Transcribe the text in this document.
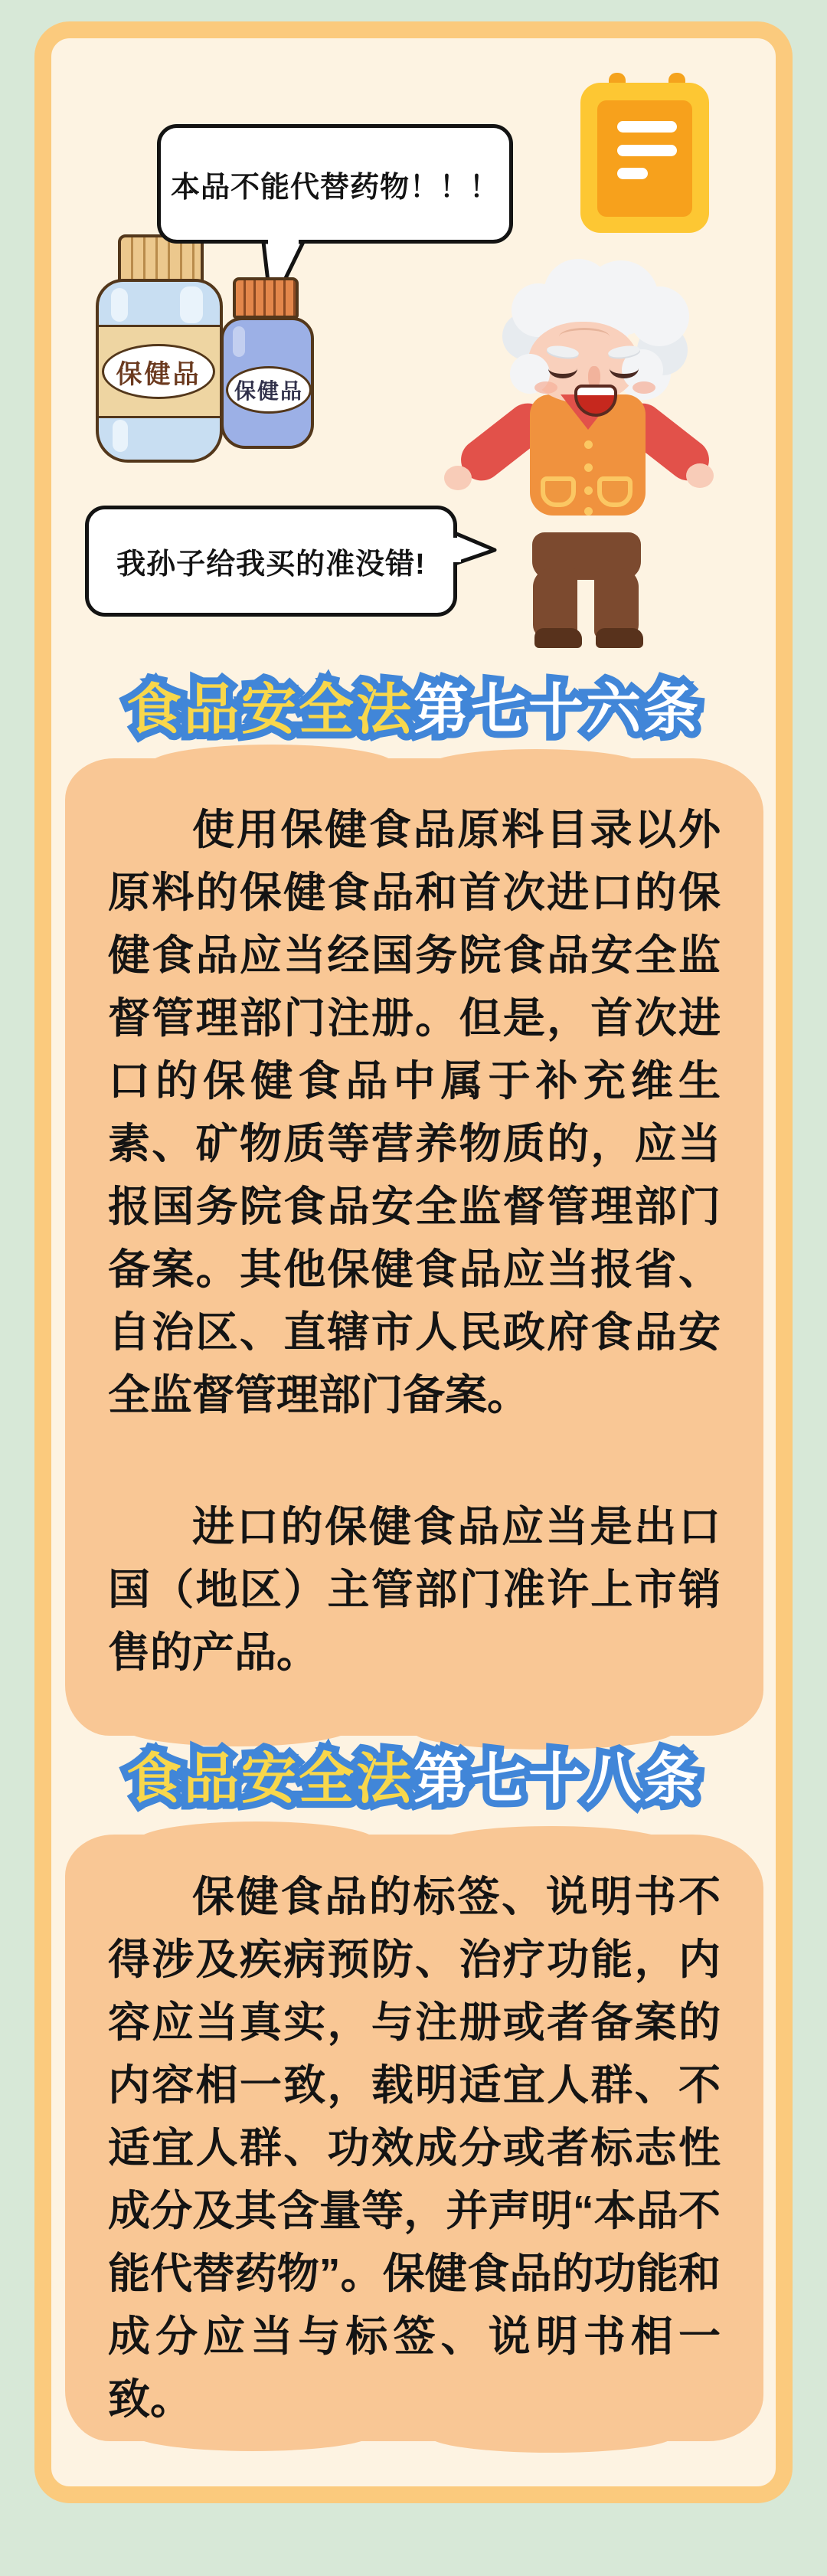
本品不能代替药物！！！
保健品
保健品
我孙子给我买的准没错!

使用保健食品原料目录以外原料的保健食品和首次进口的保健食品应当经国务院食品安全监督管理部门注册。但是，首次进口的保健食品中属于补充维生素、矿物质等营养物质的，应当报国务院食品安全监督管理部门备案。其他保健食品应当报省、自治区、直辖市人民政府食品安全监督管理部门备案。

进口的保健食品应当是出口国（地区）主管部门准许上市销售的产品。

保健食品的标签、说明书不得涉及疾病预防、治疗功能，内容应当真实，与注册或者备案的内容相一致，载明适宜人群、不适宜人群、功效成分或者标志性成分及其含量等，并声明“本品不能代替药物”。保健食品的功能和成分应当与标签、说明书相一致。
